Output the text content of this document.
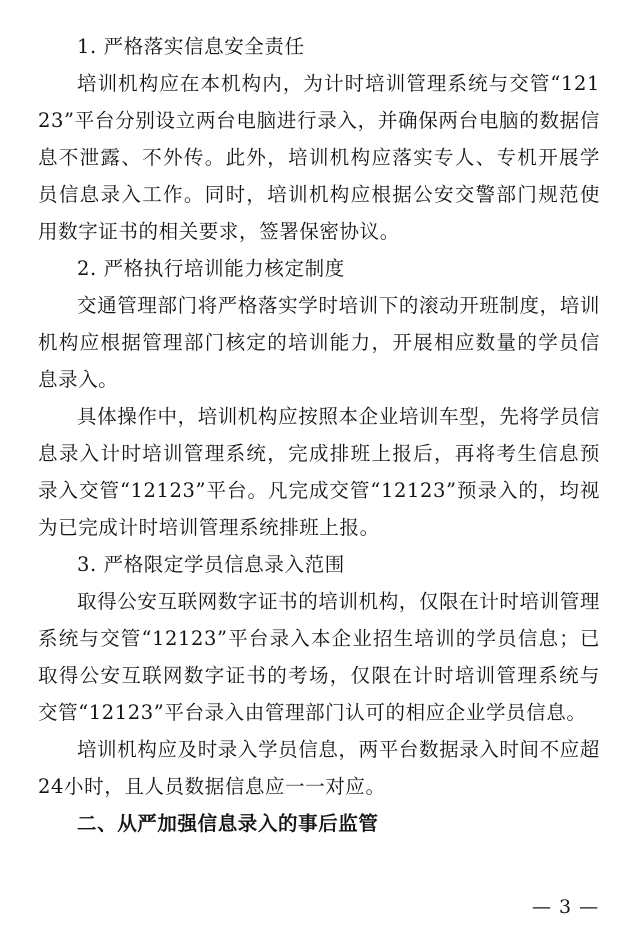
1. 严格落实信息安全责任

培训机构应在本机构内，为计时培训管理系统与交管“12123”平台分别设立两台电脑进行录入，并确保两台电脑的数据信息不泄露、不外传。此外，培训机构应落实专人、专机开展学员信息录入工作。同时，培训机构应根据公安交警部门规范使用数字证书的相关要求，签署保密协议。

2. 严格执行培训能力核定制度

交通管理部门将严格落实学时培训下的滚动开班制度，培训机构应根据管理部门核定的培训能力，开展相应数量的学员信息录入。

具体操作中，培训机构应按照本企业培训车型，先将学员信息录入计时培训管理系统，完成排班上报后，再将考生信息预录入交管“12123”平台。凡完成交管“12123”预录入的，均视为已完成计时培训管理系统排班上报。

3. 严格限定学员信息录入范围

取得公安互联网数字证书的培训机构，仅限在计时培训管理系统与交管“12123”平台录入本企业招生培训的学员信息；已取得公安互联网数字证书的考场，仅限在计时培训管理系统与交管“12123”平台录入由管理部门认可的相应企业学员信息。

培训机构应及时录入学员信息，两平台数据录入时间不应超24小时，且人员数据信息应一一对应。

二、从严加强信息录入的事后监管

— 3 —
